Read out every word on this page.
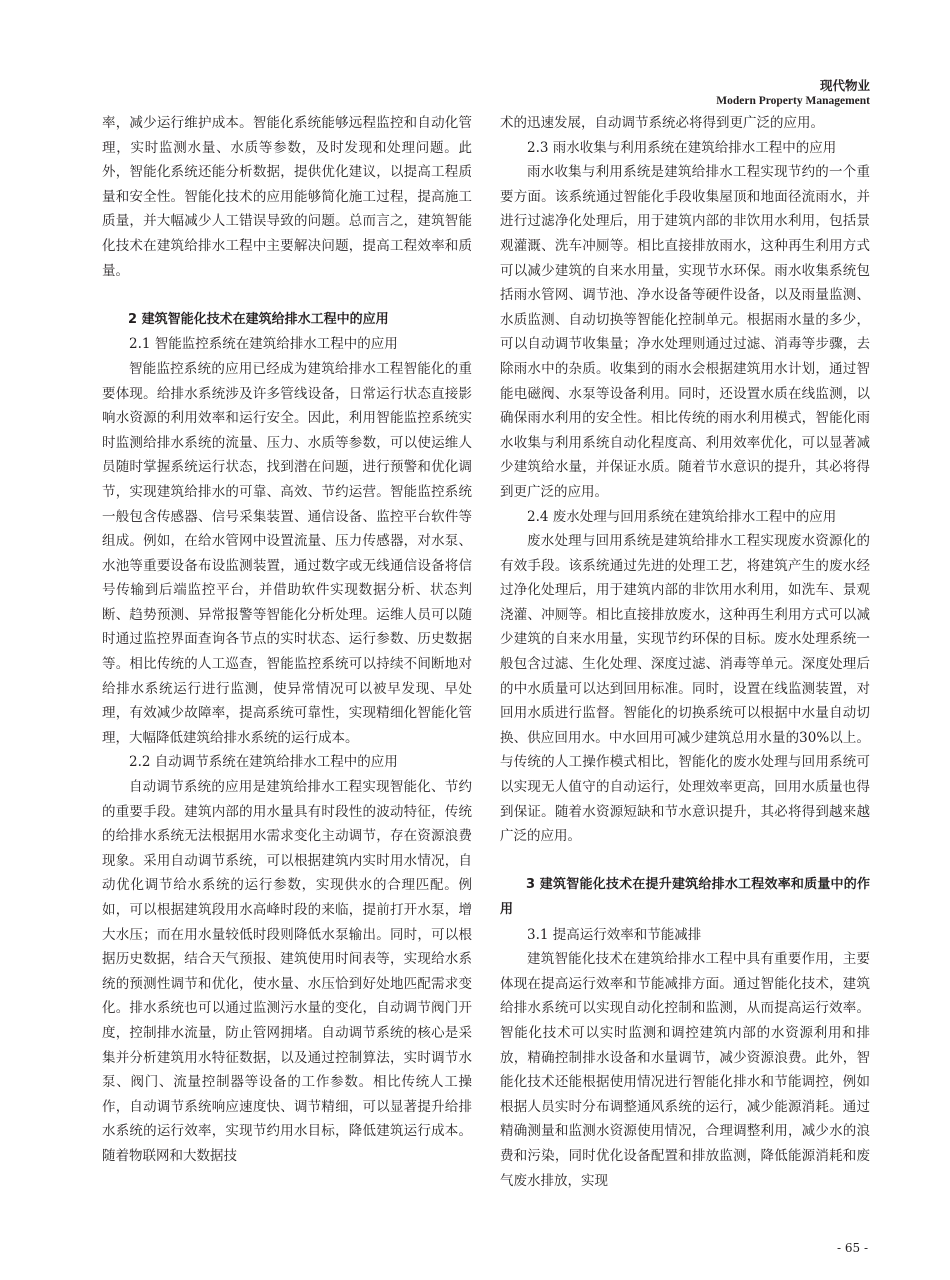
现代物业
Modern Property Management

率，减少运行维护成本。智能化系统能够远程监控和自动化管理，实时监测水量、水质等参数，及时发现和处理问题。此外，智能化系统还能分析数据，提供优化建议，以提高工程质量和安全性。智能化技术的应用能够简化施工过程，提高施工质量，并大幅减少人工错误导致的问题。总而言之，建筑智能化技术在建筑给排水工程中主要解决问题，提高工程效率和质量。

2 建筑智能化技术在建筑给排水工程中的应用

2.1 智能监控系统在建筑给排水工程中的应用

智能监控系统的应用已经成为建筑给排水工程智能化的重要体现。给排水系统涉及许多管线设备，日常运行状态直接影响水资源的利用效率和运行安全。因此，利用智能监控系统实时监测给排水系统的流量、压力、水质等参数，可以使运维人员随时掌握系统运行状态，找到潜在问题，进行预警和优化调节，实现建筑给排水的可靠、高效、节约运营。智能监控系统一般包含传感器、信号采集装置、通信设备、监控平台软件等组成。例如，在给水管网中设置流量、压力传感器，对水泵、水池等重要设备布设监测装置，通过数字或无线通信设备将信号传输到后端监控平台，并借助软件实现数据分析、状态判断、趋势预测、异常报警等智能化分析处理。运维人员可以随时通过监控界面查询各节点的实时状态、运行参数、历史数据等。相比传统的人工巡查，智能监控系统可以持续不间断地对给排水系统运行进行监测，使异常情况可以被早发现、早处理，有效减少故障率，提高系统可靠性，实现精细化智能化管理，大幅降低建筑给排水系统的运行成本。

2.2 自动调节系统在建筑给排水工程中的应用

自动调节系统的应用是建筑给排水工程实现智能化、节约的重要手段。建筑内部的用水量具有时段性的波动特征，传统的给排水系统无法根据用水需求变化主动调节，存在资源浪费现象。采用自动调节系统，可以根据建筑内实时用水情况，自动优化调节给水系统的运行参数，实现供水的合理匹配。例如，可以根据建筑段用水高峰时段的来临，提前打开水泵，增大水压；而在用水量较低时段则降低水泵输出。同时，可以根据历史数据，结合天气预报、建筑使用时间表等，实现给水系统的预测性调节和优化，使水量、水压恰到好处地匹配需求变化。排水系统也可以通过监测污水量的变化，自动调节阀门开度，控制排水流量，防止管网拥堵。自动调节系统的核心是采集并分析建筑用水特征数据，以及通过控制算法，实时调节水泵、阀门、流量控制器等设备的工作参数。相比传统人工操作，自动调节系统响应速度快、调节精细，可以显著提升给排水系统的运行效率，实现节约用水目标，降低建筑运行成本。随着物联网和大数据技

术的迅速发展，自动调节系统必将得到更广泛的应用。

2.3 雨水收集与利用系统在建筑给排水工程中的应用

雨水收集与利用系统是建筑给排水工程实现节约的一个重要方面。该系统通过智能化手段收集屋顶和地面径流雨水，并进行过滤净化处理后，用于建筑内部的非饮用水利用，包括景观灌溉、洗车冲厕等。相比直接排放雨水，这种再生利用方式可以减少建筑的自来水用量，实现节水环保。雨水收集系统包括雨水管网、调节池、净水设备等硬件设备，以及雨量监测、水质监测、自动切换等智能化控制单元。根据雨水量的多少，可以自动调节收集量；净水处理则通过过滤、消毒等步骤，去除雨水中的杂质。收集到的雨水会根据建筑用水计划，通过智能电磁阀、水泵等设备利用。同时，还设置水质在线监测，以确保雨水利用的安全性。相比传统的雨水利用模式，智能化雨水收集与利用系统自动化程度高、利用效率优化，可以显著减少建筑给水量，并保证水质。随着节水意识的提升，其必将得到更广泛的应用。

2.4 废水处理与回用系统在建筑给排水工程中的应用

废水处理与回用系统是建筑给排水工程实现废水资源化的有效手段。该系统通过先进的处理工艺，将建筑产生的废水经过净化处理后，用于建筑内部的非饮用水利用，如洗车、景观浇灌、冲厕等。相比直接排放废水，这种再生利用方式可以减少建筑的自来水用量，实现节约环保的目标。废水处理系统一般包含过滤、生化处理、深度过滤、消毒等单元。深度处理后的中水质量可以达到回用标准。同时，设置在线监测装置，对回用水质进行监督。智能化的切换系统可以根据中水量自动切换、供应回用水。中水回用可减少建筑总用水量的30%以上。与传统的人工操作模式相比，智能化的废水处理与回用系统可以实现无人值守的自动运行，处理效率更高，回用水质量也得到保证。随着水资源短缺和节水意识提升，其必将得到越来越广泛的应用。

3 建筑智能化技术在提升建筑给排水工程效率和质量中的作用

3.1 提高运行效率和节能减排

建筑智能化技术在建筑给排水工程中具有重要作用，主要体现在提高运行效率和节能减排方面。通过智能化技术，建筑给排水系统可以实现自动化控制和监测，从而提高运行效率。智能化技术可以实时监测和调控建筑内部的水资源利用和排放，精确控制排水设备和水量调节，减少资源浪费。此外，智能化技术还能根据使用情况进行智能化排水和节能调控，例如根据人员实时分布调整通风系统的运行，减少能源消耗。通过精确测量和监测水资源使用情况，合理调整利用，减少水的浪费和污染，同时优化设备配置和排放监测，降低能源消耗和废气废水排放，实现

- 65 -
